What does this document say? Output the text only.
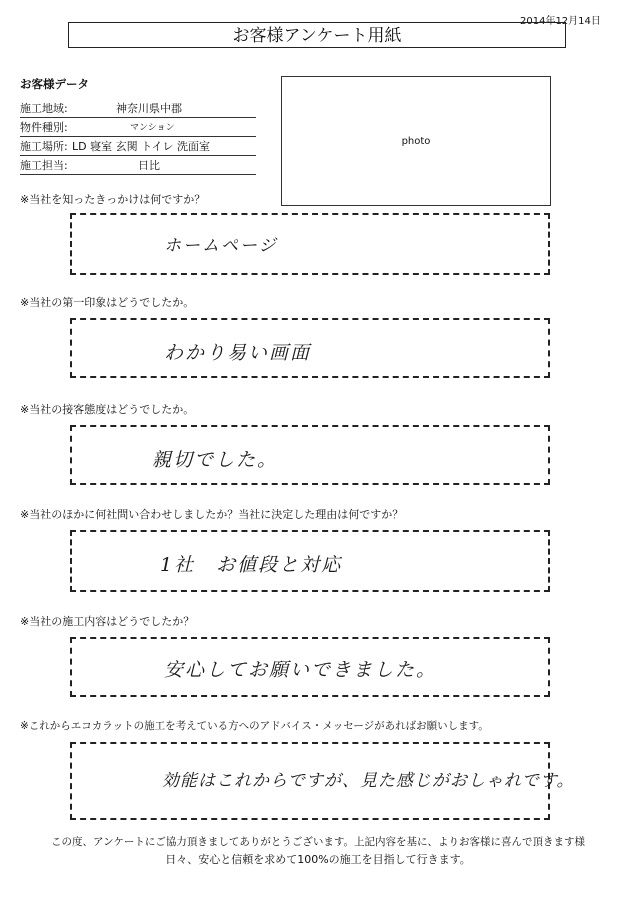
2014年12月14日
お客様アンケート用紙
お客様データ
施工地域:	神奈川県中郡
物件種別:	マンション
施工場所: LD 寝室 玄関 トイレ 洗面室
施工担当:	日比
photo
※当社を知ったきっかけは何ですか？
ホームページ
※当社の第一印象はどうでしたか。
わかり易い画面
※当社の接客態度はどうでしたか。
親切でした。
※当社のほかに何社問い合わせしましたか？当社に決定した理由は何ですか？
1社　お値段と対応
※当社の施工内容はどうでしたか？
安心してお願いできました。
※これからエコカラットの施工を考えている方へのアドバイス・メッセージがあればお願いします。
効能はこれからですが、見た感じがおしゃれです。
この度、アンケートにご協力頂きましてありがとうございます。上記内容を基に、よりお客様に喜んで頂きます様
日々、安心と信頼を求めて100%の施工を目指して行きます。
